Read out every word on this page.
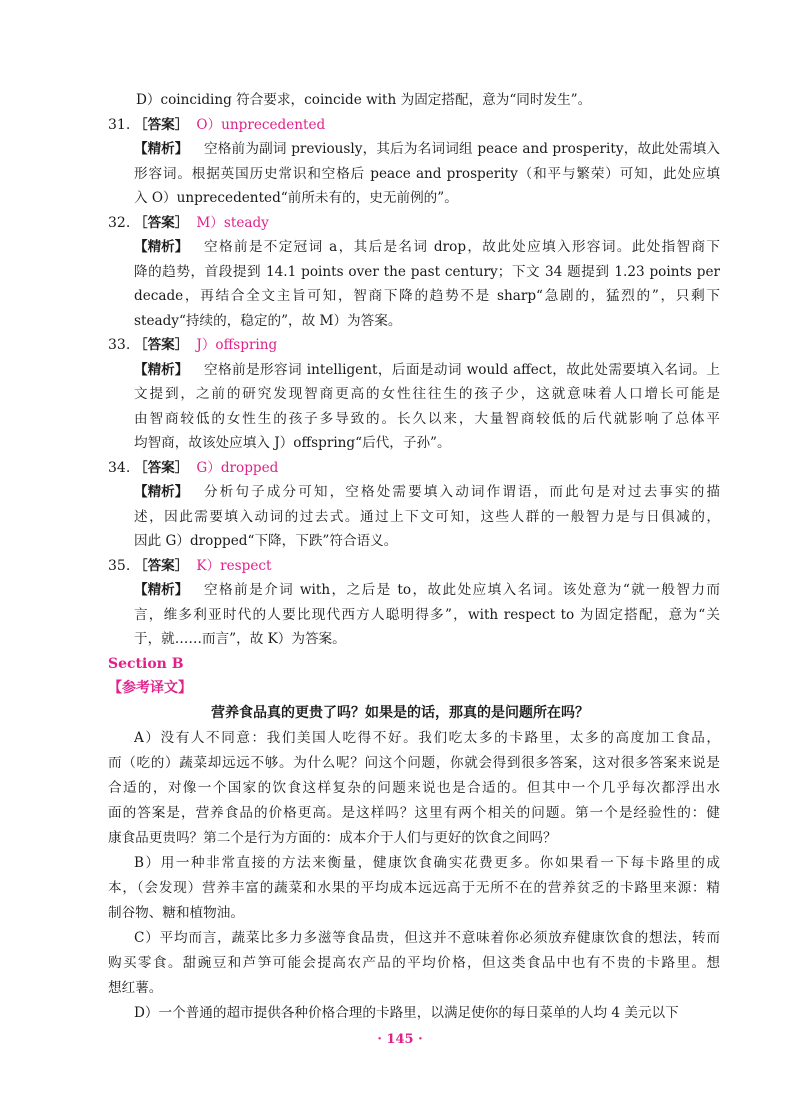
D）coinciding 符合要求，coincide with 为固定搭配，意为“同时发生”。
31. ［答案］ O）unprecedented
【精析】 空格前为副词 previously，其后为名词词组 peace and prosperity，故此处需填入
形容词。根据英国历史常识和空格后 peace and prosperity（和平与繁荣）可知，此处应填
入 O）unprecedented“前所未有的，史无前例的”。
32. ［答案］ M）steady
【精析】 空格前是不定冠词 a，其后是名词 drop，故此处应填入形容词。此处指智商下
降的趋势，首段提到 14.1 points over the past century；下文 34 题提到 1.23 points per
decade，再结合全文主旨可知，智商下降的趋势不是 sharp“急剧的，猛烈的”，只剩下
steady“持续的，稳定的”，故 M）为答案。
33. ［答案］ J）offspring
【精析】 空格前是形容词 intelligent，后面是动词 would affect，故此处需要填入名词。上
文提到，之前的研究发现智商更高的女性往往生的孩子少，这就意味着人口增长可能是
由智商较低的女性生的孩子多导致的。长久以来，大量智商较低的后代就影响了总体平
均智商，故该处应填入 J）offspring“后代，子孙”。
34. ［答案］ G）dropped
【精析】 分析句子成分可知，空格处需要填入动词作谓语，而此句是对过去事实的描
述，因此需要填入动词的过去式。通过上下文可知，这些人群的一般智力是与日俱减的，
因此 G）dropped“下降，下跌”符合语义。
35. ［答案］ K）respect
【精析】 空格前是介词 with，之后是 to，故此处应填入名词。该处意为“就一般智力而
言，维多利亚时代的人要比现代西方人聪明得多”，with respect to 为固定搭配，意为“关
于，就……而言”，故 K）为答案。
Section B
【参考译文】
营养食品真的更贵了吗？如果是的话，那真的是问题所在吗？
A）没有人不同意：我们美国人吃得不好。我们吃太多的卡路里，太多的高度加工食品，
而（吃的）蔬菜却远远不够。为什么呢？问这个问题，你就会得到很多答案，这对很多答案来说是
合适的，对像一个国家的饮食这样复杂的问题来说也是合适的。但其中一个几乎每次都浮出水
面的答案是，营养食品的价格更高。是这样吗？这里有两个相关的问题。第一个是经验性的：健
康食品更贵吗？第二个是行为方面的：成本介于人们与更好的饮食之间吗？
B）用一种非常直接的方法来衡量，健康饮食确实花费更多。你如果看一下每卡路里的成
本，（会发现）营养丰富的蔬菜和水果的平均成本远远高于无所不在的营养贫乏的卡路里来源：精
制谷物、糖和植物油。
C）平均而言，蔬菜比多力多滋等食品贵，但这并不意味着你必须放弃健康饮食的想法，转而
购买零食。甜豌豆和芦笋可能会提高农产品的平均价格，但这类食品中也有不贵的卡路里。想
想红薯。
D）一个普通的超市提供各种价格合理的卡路里，以满足使你的每日菜单的人均 4 美元以下
· 145 ·
